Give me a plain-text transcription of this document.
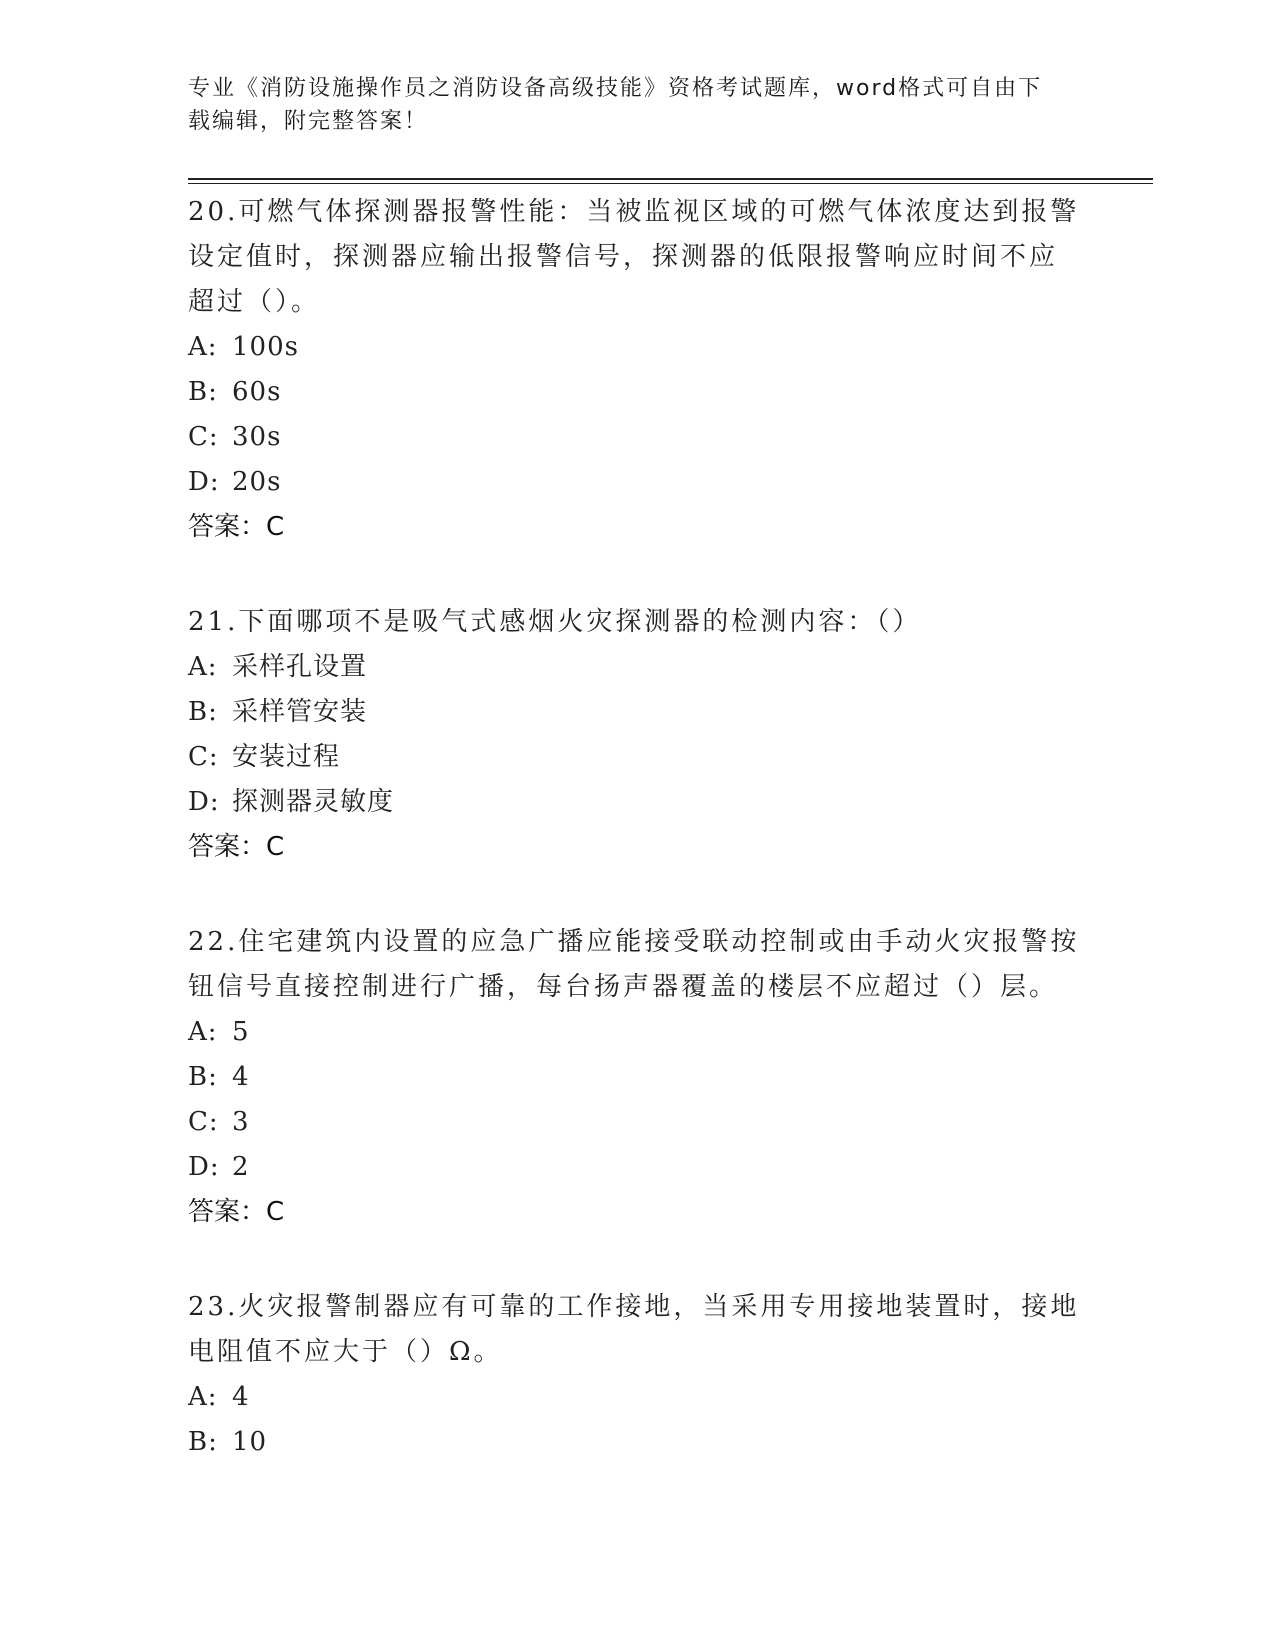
专业《消防设施操作员之消防设备高级技能》资格考试题库，word格式可自由下
载编辑，附完整答案！

20.可燃气体探测器报警性能：当被监视区域的可燃气体浓度达到报警

设定值时，探测器应输出报警信号，探测器的低限报警响应时间不应

超过（）。

A: 100s

B: 60s

C: 30s

D: 20s

答案：C

21.下面哪项不是吸气式感烟火灾探测器的检测内容：（）

A: 采样孔设置

B: 采样管安装

C: 安装过程

D: 探测器灵敏度

答案：C

22.住宅建筑内设置的应急广播应能接受联动控制或由手动火灾报警按

钮信号直接控制进行广播，每台扬声器覆盖的楼层不应超过（）层。

A: 5

B: 4

C: 3

D: 2

答案：C

23.火灾报警制器应有可靠的工作接地，当采用专用接地装置时，接地

电阻值不应大于（）Ω。

A: 4

B: 10
